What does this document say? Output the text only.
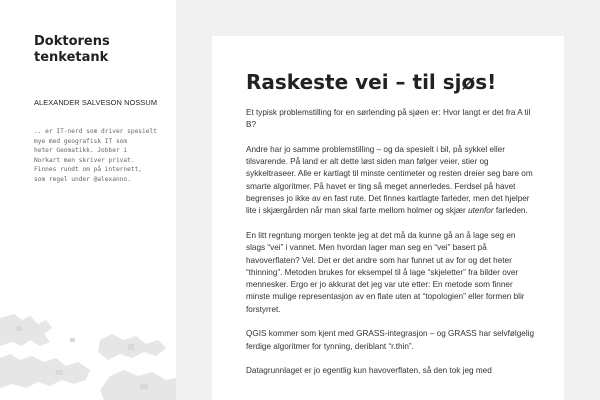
Doktorens tenketank
ALEXANDER SALVESON NOSSUM
.. er IT-nerd som driver spesielt
mye med geografisk IT som
heter Geomatikk. Jobber i
Norkart men skriver privat.
Finnes rundt om på internett,
som regel under @alexanno.
Raskeste vei – til sjøs!

Et typisk problemstilling for en sørlending på sjøen er: Hvor langt er det fra A til B?

Andre har jo samme problemstilling – og da spesielt i bil, på sykkel eller tilsvarende. På land er alt dette løst siden man følger veier, stier og sykkeltraseer. Alle er kartlagt til minste centimeter og resten dreier seg bare om smarte algoritmer. På havet er ting så meget annerledes. Ferdsel på havet begrenses jo ikke av en fast rute. Det finnes kartlagte farleder, men det hjelper lite i skjærgården når man skal farte mellom holmer og skjær utenfor farleden.

En litt regntung morgen tenkte jeg at det må da kunne gå an å lage seg en slags “vei” i vannet. Men hvordan lager man seg en “vei” basert på havoverflaten? Vel. Det er det andre som har funnet ut av for og det heter “thinning”. Metoden brukes for eksempel til å lage “skjeletter” fra bilder over mennesker. Ergo er jo akkurat det jeg var ute etter: En metode som finner minste mulige representasjon av en flate uten at “topologien” eller formen blir forstyrret.

QGIS kommer som kjent med GRASS-integrasjon – og GRASS har selvfølgelig ferdige algoritmer for tynning, deriblant “r.thin”.

Datagrunnlaget er jo egentlig kun havoverflaten, så den tok jeg med
